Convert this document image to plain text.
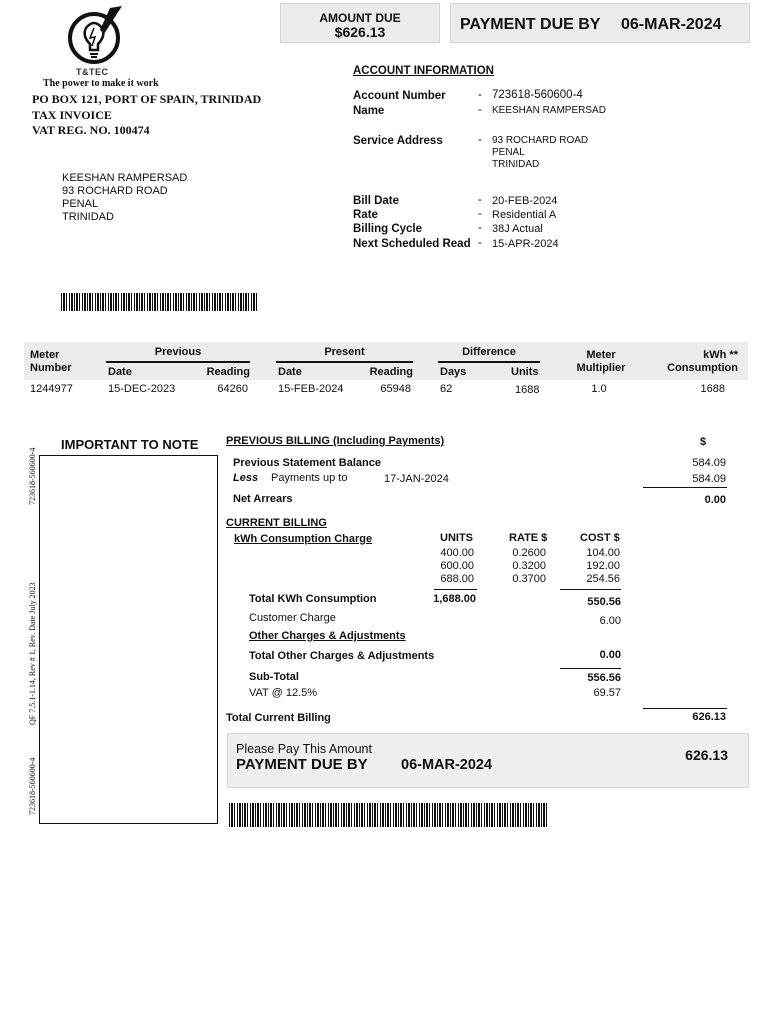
AMOUNT DUE
$626.13	PAYMENT DUE BY 06-MAR-2024
T&TEC
The power to make it work
PO BOX 121, PORT OF SPAIN, TRINIDAD
TAX INVOICE
VAT REG. NO. 100474
KEESHAN RAMPERSAD
93 ROCHARD ROAD
PENAL
TRINIDAD
ACCOUNT INFORMATION
Account Number	- 723618-560600-4
Name	- KEESHAN RAMPERSAD
Service Address	- 93 ROCHARD ROAD
PENAL
TRINIDAD
Bill Date	- 20-FEB-2024
Rate	- Residential A
Billing Cycle	- 38J Actual
Next Scheduled Read - 15-APR-2024
Meter
Number
Previous
Date	Reading
Present
Date	Reading
Difference
Days	Units
Meter
Multiplier
kWh **
Consumption
1244977	15-DEC-2023	64260	15-FEB-2024	65948	62	1688	1.0	1688
IMPORTANT TO NOTE
723618-560600-4
QF 7.5.1-1.14, Rev # 1, Rev. Date July 2023
723618-560600-4
PREVIOUS BILLING (Including Payments)	$
Previous Statement Balance	584.09
Less Payments up to	17-JAN-2024	584.09
Net Arrears	0.00
CURRENT BILLING
kWh Consumption Charge	UNITS	RATE $	COST $
400.00	0.2600	104.00
600.00	0.3200	192.00
688.00	0.3700	254.56
Total KWh Consumption	1,688.00	550.56
Customer Charge	6.00
Other Charges & Adjustments
Total Other Charges & Adjustments	0.00
Sub-Total	556.56
VAT @ 12.5%	69.57
Total Current Billing	626.13
Please Pay This Amount
PAYMENT DUE BY 06-MAR-2024
626.13
